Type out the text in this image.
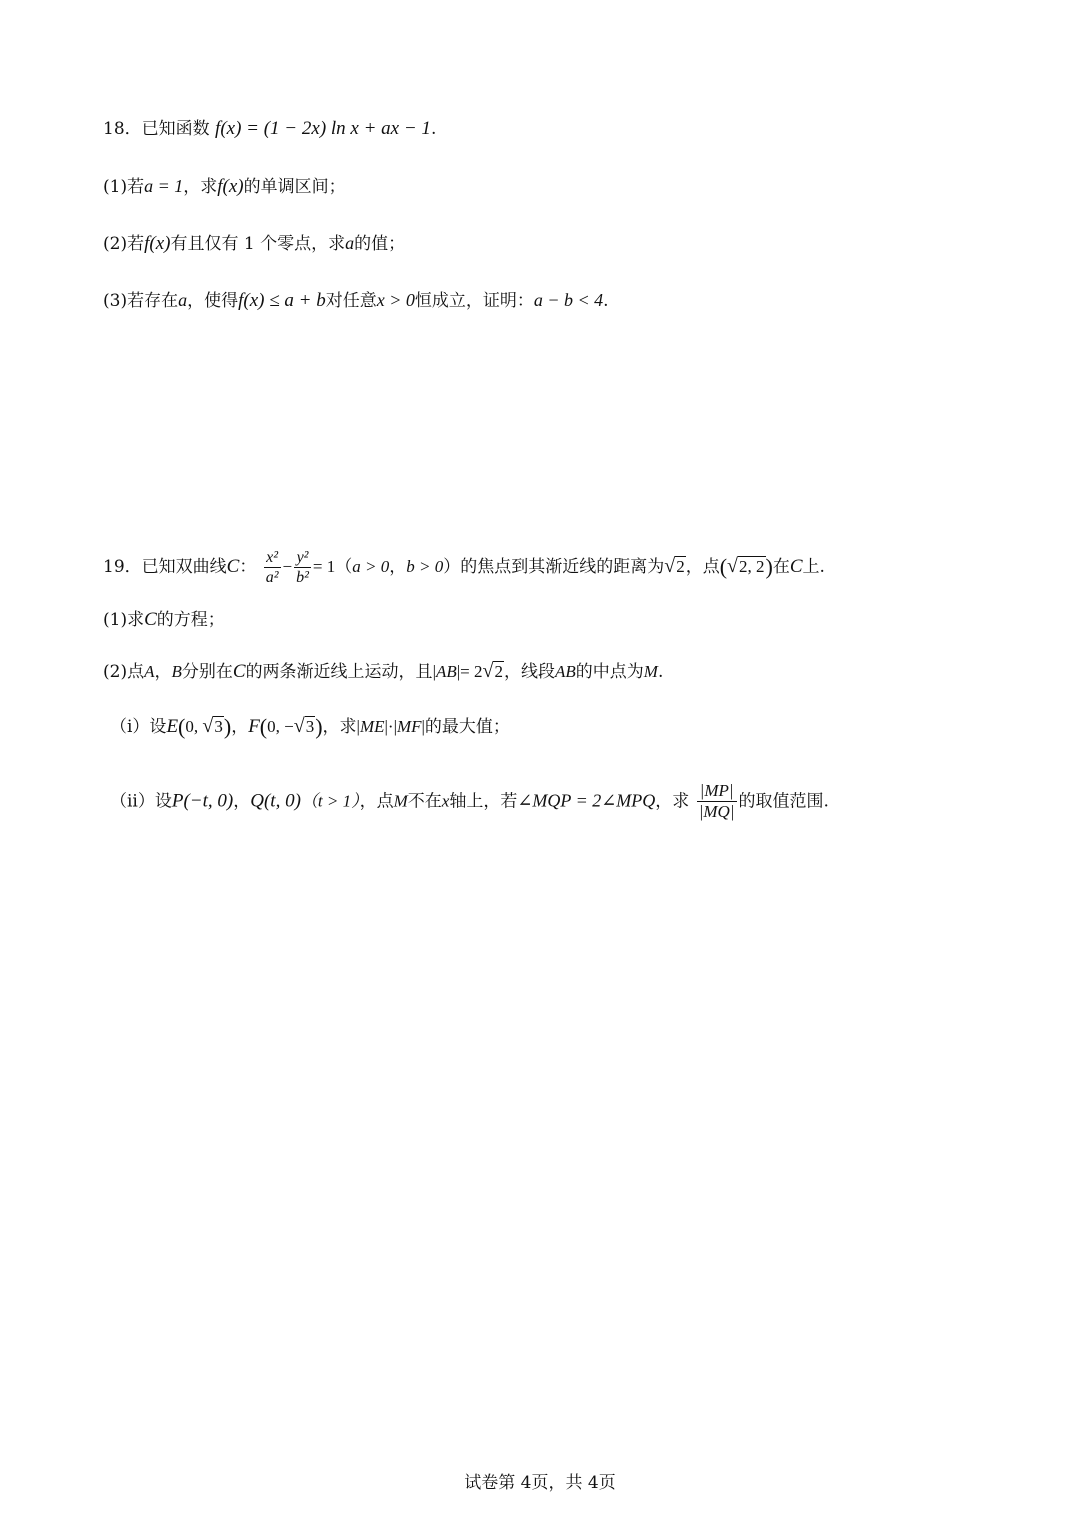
18．已知函数 f(x) = (1 − 2x) ln x + ax − 1.
(1)若a = 1，求f(x)的单调区间；
(2)若f(x)有且仅有 1 个零点，求a的值；
(3)若存在a，使得f(x) ≤ a + b对任意x > 0恒成立，证明：a − b < 4.
19．已知双曲线C： $\frac{\text{x²}}{\text{a²}} - \frac{\text{y²}}{\text{b²}} = 1(a > 0$，b > 0）的焦点到其渐近线的距离为√2，点(√2, 2)在C上.
(1)求C的方程；
(2)点A，B分别在C的两条渐近线上运动，且|AB|= 2√2，线段AB的中点为M.
（i）设E(0, √3)，F(0, −√3)，求|ME|·|MF|的最大值；
（ii）设P(−t, 0)，Q(t, 0)（t > 1），点M不在x轴上，若∠MQP = 2∠MPQ，求 $\frac{|MP|}{|MQ|}$ 的取值范围.
试卷第 4页，共 4页
